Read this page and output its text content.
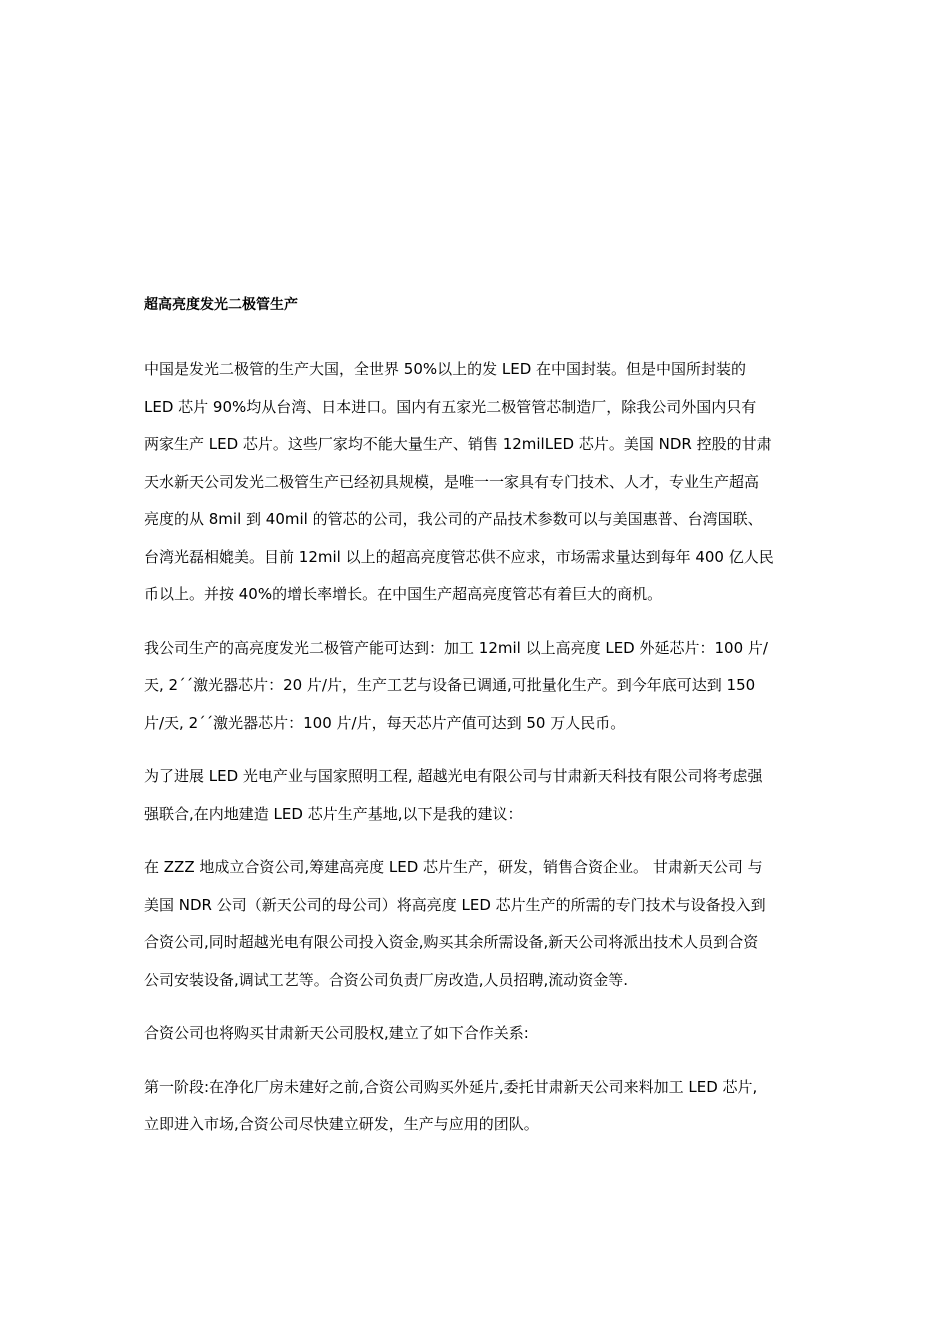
超高亮度发光二极管生产
中国是发光二极管的生产大国，全世界 50%以上的发 LED 在中国封装。但是中国所封装的
LED 芯片 90%均从台湾、日本进口。国内有五家光二极管管芯制造厂，除我公司外国内只有
两家生产 LED 芯片。这些厂家均不能大量生产、销售 12milLED 芯片。美国 NDR 控股的甘肃
天水新天公司发光二极管生产已经初具规模，是唯一一家具有专门技术、人才，专业生产超高
亮度的从 8mil 到 40mil 的管芯的公司，我公司的产品技术参数可以与美国惠普、台湾国联、
台湾光磊相媲美。目前 12mil 以上的超高亮度管芯供不应求，市场需求量达到每年 400 亿人民
币以上。并按 40%的增长率增长。在中国生产超高亮度管芯有着巨大的商机。
我公司生产的高亮度发光二极管产能可达到：加工 12mil 以上高亮度 LED 外延芯片：100 片/
天, 2´´激光器芯片：20 片/片，生产工艺与设备已调通,可批量化生产。到今年底可达到 150
片/天, 2´´激光器芯片：100 片/片，每天芯片产值可达到 50 万人民币。
为了进展 LED 光电产业与国家照明工程, 超越光电有限公司与甘肃新天科技有限公司将考虑强
强联合,在内地建造 LED 芯片生产基地,以下是我的建议：
在 ZZZ 地成立合资公司,筹建高亮度 LED 芯片生产，研发，销售合资企业。 甘肃新天公司 与
美国 NDR 公司（新天公司的母公司）将高亮度 LED 芯片生产的所需的专门技术与设备投入到
合资公司,同时超越光电有限公司投入资金,购买其余所需设备,新天公司将派出技术人员到合资
公司安装设备,调试工艺等。合资公司负责厂房改造,人员招聘,流动资金等.
合资公司也将购买甘肃新天公司股权,建立了如下合作关系:
第一阶段:在净化厂房未建好之前,合资公司购买外延片,委托甘肃新天公司来料加工 LED 芯片,
立即进入市场,合资公司尽快建立研发，生产与应用的团队。
